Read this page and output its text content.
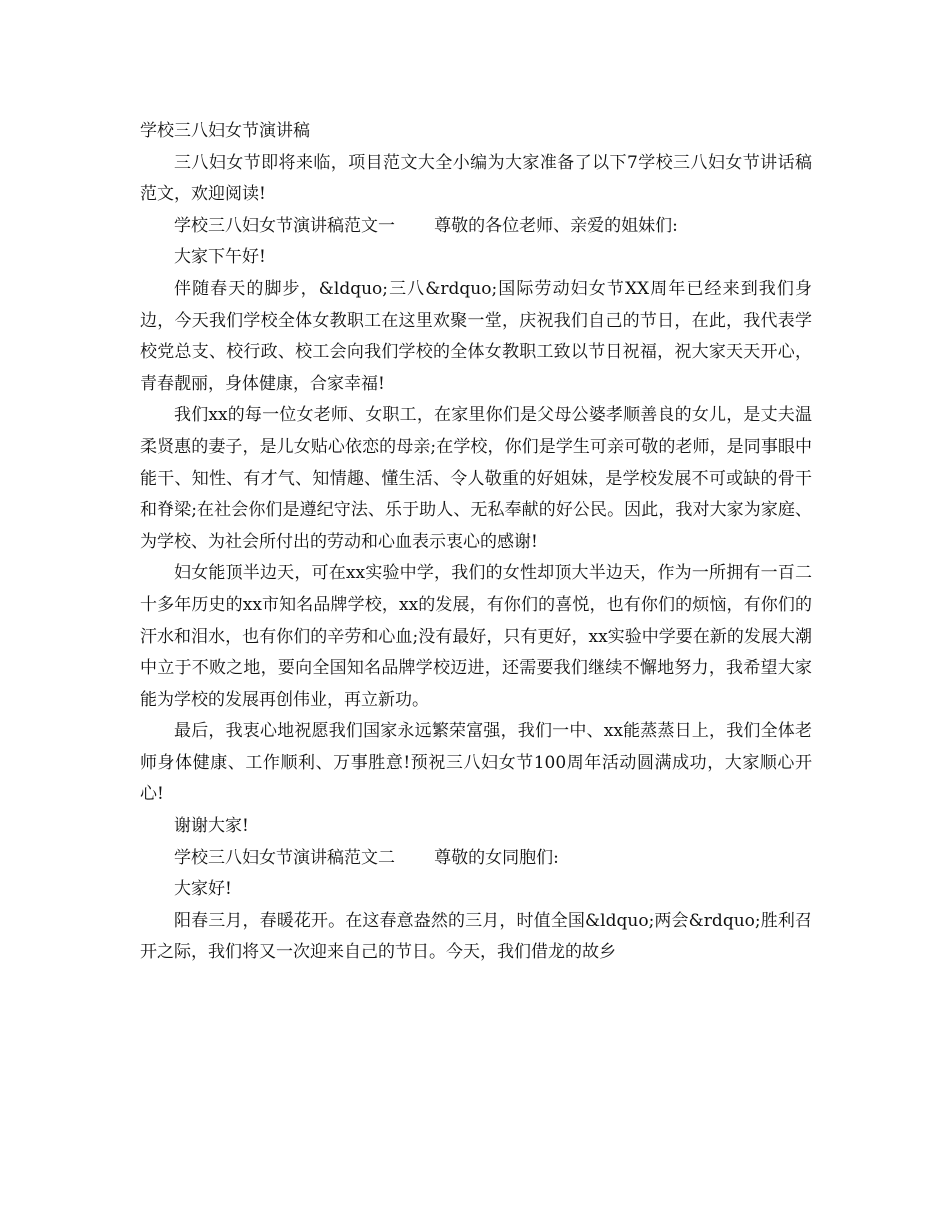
学校三八妇女节演讲稿

三八妇女节即将来临，项目范文大全小编为大家准备了以下7学校三八妇女节讲话稿范文，欢迎阅读!

学校三八妇女节演讲稿范文一 尊敬的各位老师、亲爱的姐妹们:

大家下午好!

伴随春天的脚步，&ldquo;三八&rdquo;国际劳动妇女节XX周年已经来到我们身边，今天我们学校全体女教职工在这里欢聚一堂，庆祝我们自己的节日，在此，我代表学校党总支、校行政、校工会向我们学校的全体女教职工致以节日祝福，祝大家天天开心，青春靓丽，身体健康，合家幸福!

我们xx的每一位女老师、女职工，在家里你们是父母公婆孝顺善良的女儿，是丈夫温柔贤惠的妻子，是儿女贴心依恋的母亲;在学校，你们是学生可亲可敬的老师，是同事眼中能干、知性、有才气、知情趣、懂生活、令人敬重的好姐妹，是学校发展不可或缺的骨干和脊梁;在社会你们是遵纪守法、乐于助人、无私奉献的好公民。因此，我对大家为家庭、为学校、为社会所付出的劳动和心血表示衷心的感谢!

妇女能顶半边天，可在xx实验中学，我们的女性却顶大半边天，作为一所拥有一百二十多年历史的xx市知名品牌学校，xx的发展，有你们的喜悦，也有你们的烦恼，有你们的汗水和泪水，也有你们的辛劳和心血;没有最好，只有更好，xx实验中学要在新的发展大潮中立于不败之地，要向全国知名品牌学校迈进，还需要我们继续不懈地努力，我希望大家能为学校的发展再创伟业，再立新功。

最后，我衷心地祝愿我们国家永远繁荣富强，我们一中、xx能蒸蒸日上，我们全体老师身体健康、工作顺利、万事胜意!预祝三八妇女节100周年活动圆满成功，大家顺心开心!

谢谢大家!

学校三八妇女节演讲稿范文二 尊敬的女同胞们:

大家好!

阳春三月，春暖花开。在这春意盎然的三月，时值全国&ldquo;两会&rdquo;胜利召开之际，我们将又一次迎来自己的节日。今天，我们借龙的故乡
